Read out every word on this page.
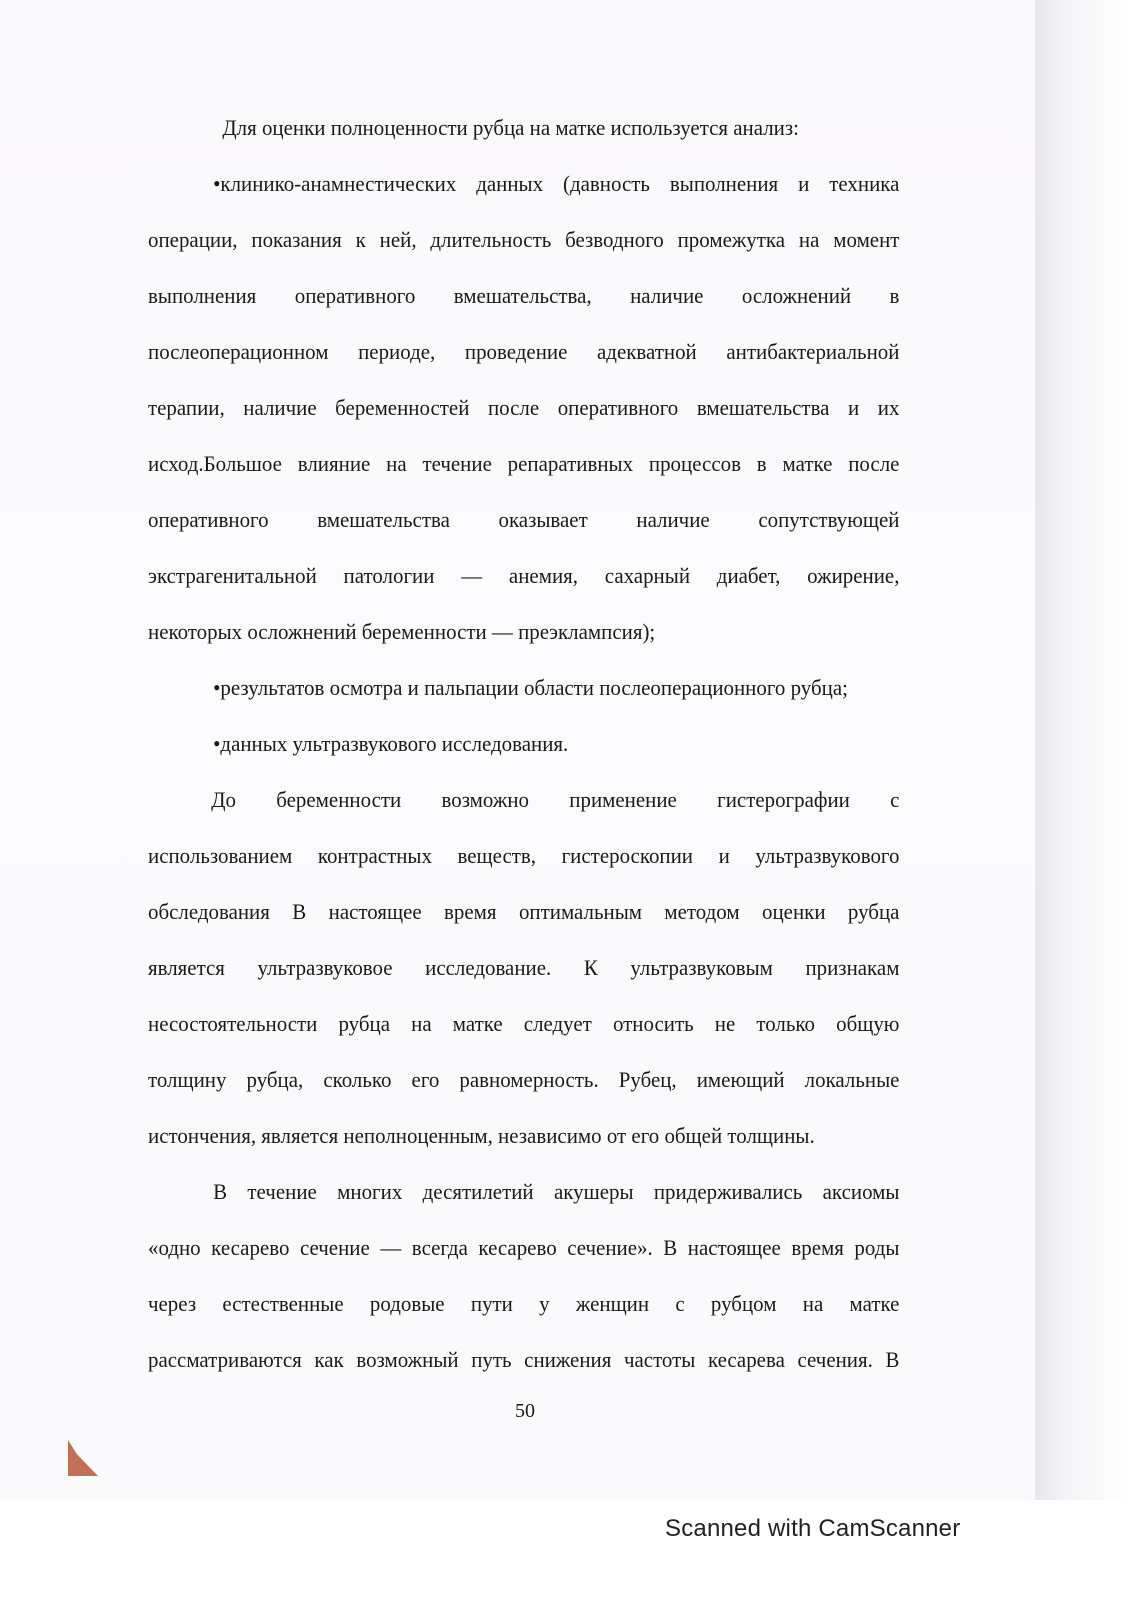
Для оценки полноценности рубца на матке используется анализ:
•клинико-анамнестических данных (давность выполнения и техника
операции, показания к ней, длительность безводного промежутка на момент
выполнения оперативного вмешательства, наличие осложнений в
послеоперационном периоде, проведение адекватной антибактериальной
терапии, наличие беременностей после оперативного вмешательства и их
исход.Большое влияние на течение репаративных процессов в матке после
оперативного вмешательства оказывает наличие сопутствующей
экстрагенитальной патологии — анемия, сахарный диабет, ожирение,
некоторых осложнений беременности — преэклампсия);
•результатов осмотра и пальпации области послеоперационного рубца;
•данных ультразвукового исследования.
До беременности возможно применение гистерографии с
использованием контрастных веществ, гистероскопии и ультразвукового
обследования В настоящее время оптимальным методом оценки рубца
является ультразвуковое исследование. К ультразвуковым признакам
несостоятельности рубца на матке следует относить не только общую
толщину рубца, сколько его равномерность. Рубец, имеющий локальные
истончения, является неполноценным, независимо от его общей толщины.
В течение многих десятилетий акушеры придерживались аксиомы
«одно кесарево сечение — всегда кесарево сечение». В настоящее время роды
через естественные родовые пути у женщин с рубцом на матке
рассматриваются как возможный путь снижения частоты кесарева сечения. В
50
Scanned with CamScanner
